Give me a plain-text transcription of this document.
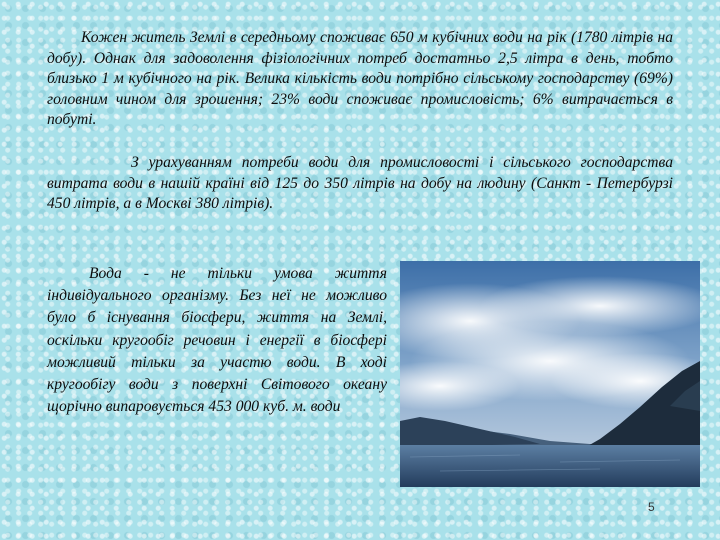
Кожен житель Землі в середньому споживає 650 м кубічних води на рік (1780 літрів на добу). Однак для задоволення фізіологічних потреб достатньо 2,5 літра в день, тобто близько 1 м кубічного на рік. Велика кількість води потрібно сільському господарству (69%) головним чином для зрошення; 23% води споживає промисловість; 6% витрачається в побуті.

З урахуванням потреби води для промисловості і сільського господарства витрата води в нашій країні від 125 до 350 літрів на добу на людину (Санкт - Петербурзі 450 літрів, а в Москві 380 літрів).

Вода - не тільки умова життя індивідуального організму. Без неї не можливо було б існування біосфери, життя на Землі, оскільки кругообіг речовин і енергії в біосфері можливий тільки за участю води. В ході кругообігу води з поверхні Світового океану щорічно випаровується 453 000 куб. м. води

5
